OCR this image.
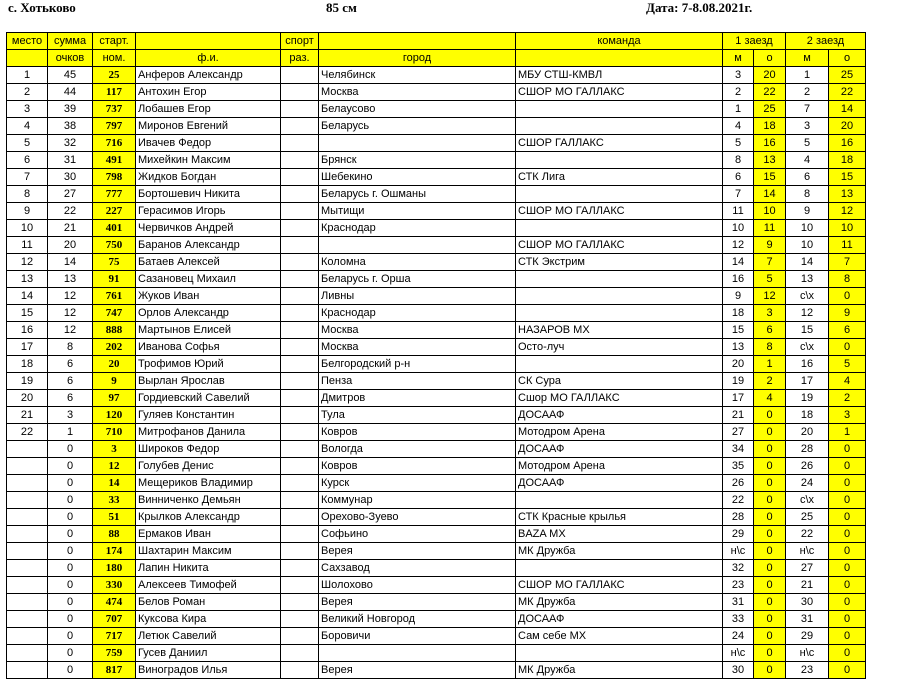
с. Хотьково	85 см	Дата: 7-8.08.2021г.
место	сумма	старт.		спорт		команда	1 заезд		2 заезд	
	очков	ном.	ф.и.	раз.	город		м	о	м	о
1	45	25	Анферов Александр		Челябинск	МБУ СТШ-КМВЛ	3	20	1	25
2	44	117	Антохин Егор		Москва	СШОР МО ГАЛЛАКС	2	22	2	22
3	39	737	Лобашев Егор		Белаусово		1	25	7	14
4	38	797	Миронов Евгений		Беларусь		4	18	3	20
5	32	716	Ивачев Федор			СШОР ГАЛЛАКС	5	16	5	16
6	31	491	Михейкин Максим		Брянск		8	13	4	18
7	30	798	Жидков Богдан		Шебекино	СТК Лига	6	15	6	15
8	27	777	Бортошевич Никита		Беларусь г. Ошманы		7	14	8	13
9	22	227	Герасимов Игорь		Мытищи	СШОР МО ГАЛЛАКС	11	10	9	12
10	21	401	Червичков Андрей		Краснодар		10	11	10	10
11	20	750	Баранов Александр			СШОР МО ГАЛЛАКС	12	9	10	11
12	14	75	Батаев Алексей		Коломна	СТК Экстрим	14	7	14	7
13	13	91	Сазановец Михаил		Беларусь г. Орша		16	5	13	8
14	12	761	Жуков Иван		Ливны		9	12	с\х	0
15	12	747	Орлов Александр		Краснодар		18	3	12	9
16	12	888	Мартынов Елисей		Москва	НАЗАРОВ МХ	15	6	15	6
17	8	202	Иванова Софья		Москва	Осто-луч	13	8	с\х	0
18	6	20	Трофимов Юрий		Белгородский р-н		20	1	16	5
19	6	9	Вырлан Ярослав		Пенза	СК Сура	19	2	17	4
20	6	97	Гордиевский Савелий		Дмитров	Сшор МО ГАЛЛАКС	17	4	19	2
21	3	120	Гуляев Константин		Тула	ДОСААФ	21	0	18	3
22	1	710	Митрофанов Данила		Ковров	Мотодром Арена	27	0	20	1
	0	3	Широков Федор		Вологда	ДОСААФ	34	0	28	0
	0	12	Голубев Денис		Ковров	Мотодром Арена	35	0	26	0
	0	14	Мещериков Владимир		Курск	ДОСААФ	26	0	24	0
	0	33	Винниченко Демьян		Коммунар		22	0	с\х	0
	0	51	Крылков Александр		Орехово-Зуево	СТК Красные крылья	28	0	25	0
	0	88	Ермаков Иван		Софьино	BAZA MX	29	0	22	0
	0	174	Шахтарин Максим		Верея	МК Дружба	н\с	0	н\с	0
	0	180	Лапин Никита		Сахзавод		32	0	27	0
	0	330	Алексеев Тимофей		Шолохово	СШОР МО ГАЛЛАКС	23	0	21	0
	0	474	Белов Роман		Верея	МК Дружба	31	0	30	0
	0	707	Куксова Кира		Великий Новгород	ДОСААФ	33	0	31	0
	0	717	Летюк Савелий		Боровичи	Сам себе МХ	24	0	29	0
	0	759	Гусев Даниил				н\с	0	н\с	0
	0	817	Виноградов Илья		Верея	МК Дружба	30	0	23	0
